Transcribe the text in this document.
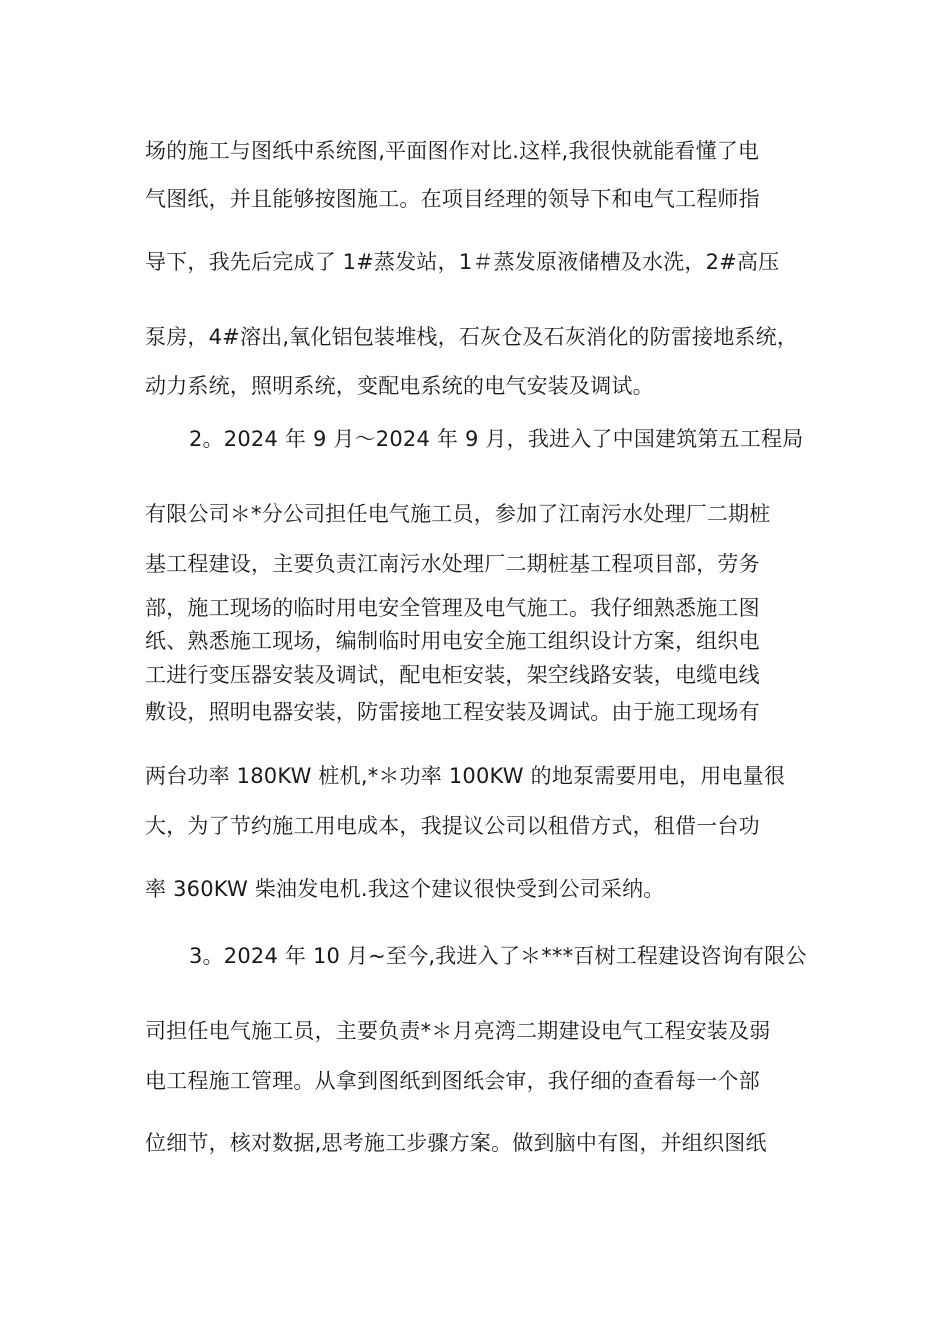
场的施工与图纸中系统图,平面图作对比.这样,我很快就能看懂了电
气图纸，并且能够按图施工。在项目经理的领导下和电气工程师指
导下，我先后完成了 1#蒸发站，1＃蒸发原液储槽及水洗，2#高压
泵房，4#溶出,氧化铝包装堆栈，石灰仓及石灰消化的防雷接地系统，
动力系统，照明系统，变配电系统的电气安装及调试。
2。2024 年 9 月～2024 年 9 月，我进入了中国建筑第五工程局
有限公司＊*分公司担任电气施工员，参加了江南污水处理厂二期桩
基工程建设，主要负责江南污水处理厂二期桩基工程项目部，劳务
部，施工现场的临时用电安全管理及电气施工。我仔细熟悉施工图
纸、熟悉施工现场，编制临时用电安全施工组织设计方案，组织电
工进行变压器安装及调试，配电柜安装，架空线路安装，电缆电线
敷设，照明电器安装，防雷接地工程安装及调试。由于施工现场有
两台功率 180KW 桩机,*＊功率 100KW 的地泵需要用电，用电量很
大，为了节约施工用电成本，我提议公司以租借方式，租借一台功
率 360KW 柴油发电机.我这个建议很快受到公司采纳。
3。2024 年 10 月~至今,我进入了＊***百树工程建设咨询有限公
司担任电气施工员，主要负责*＊月亮湾二期建设电气工程安装及弱
电工程施工管理。从拿到图纸到图纸会审，我仔细的查看每一个部
位细节，核对数据,思考施工步骤方案。做到脑中有图，并组织图纸
